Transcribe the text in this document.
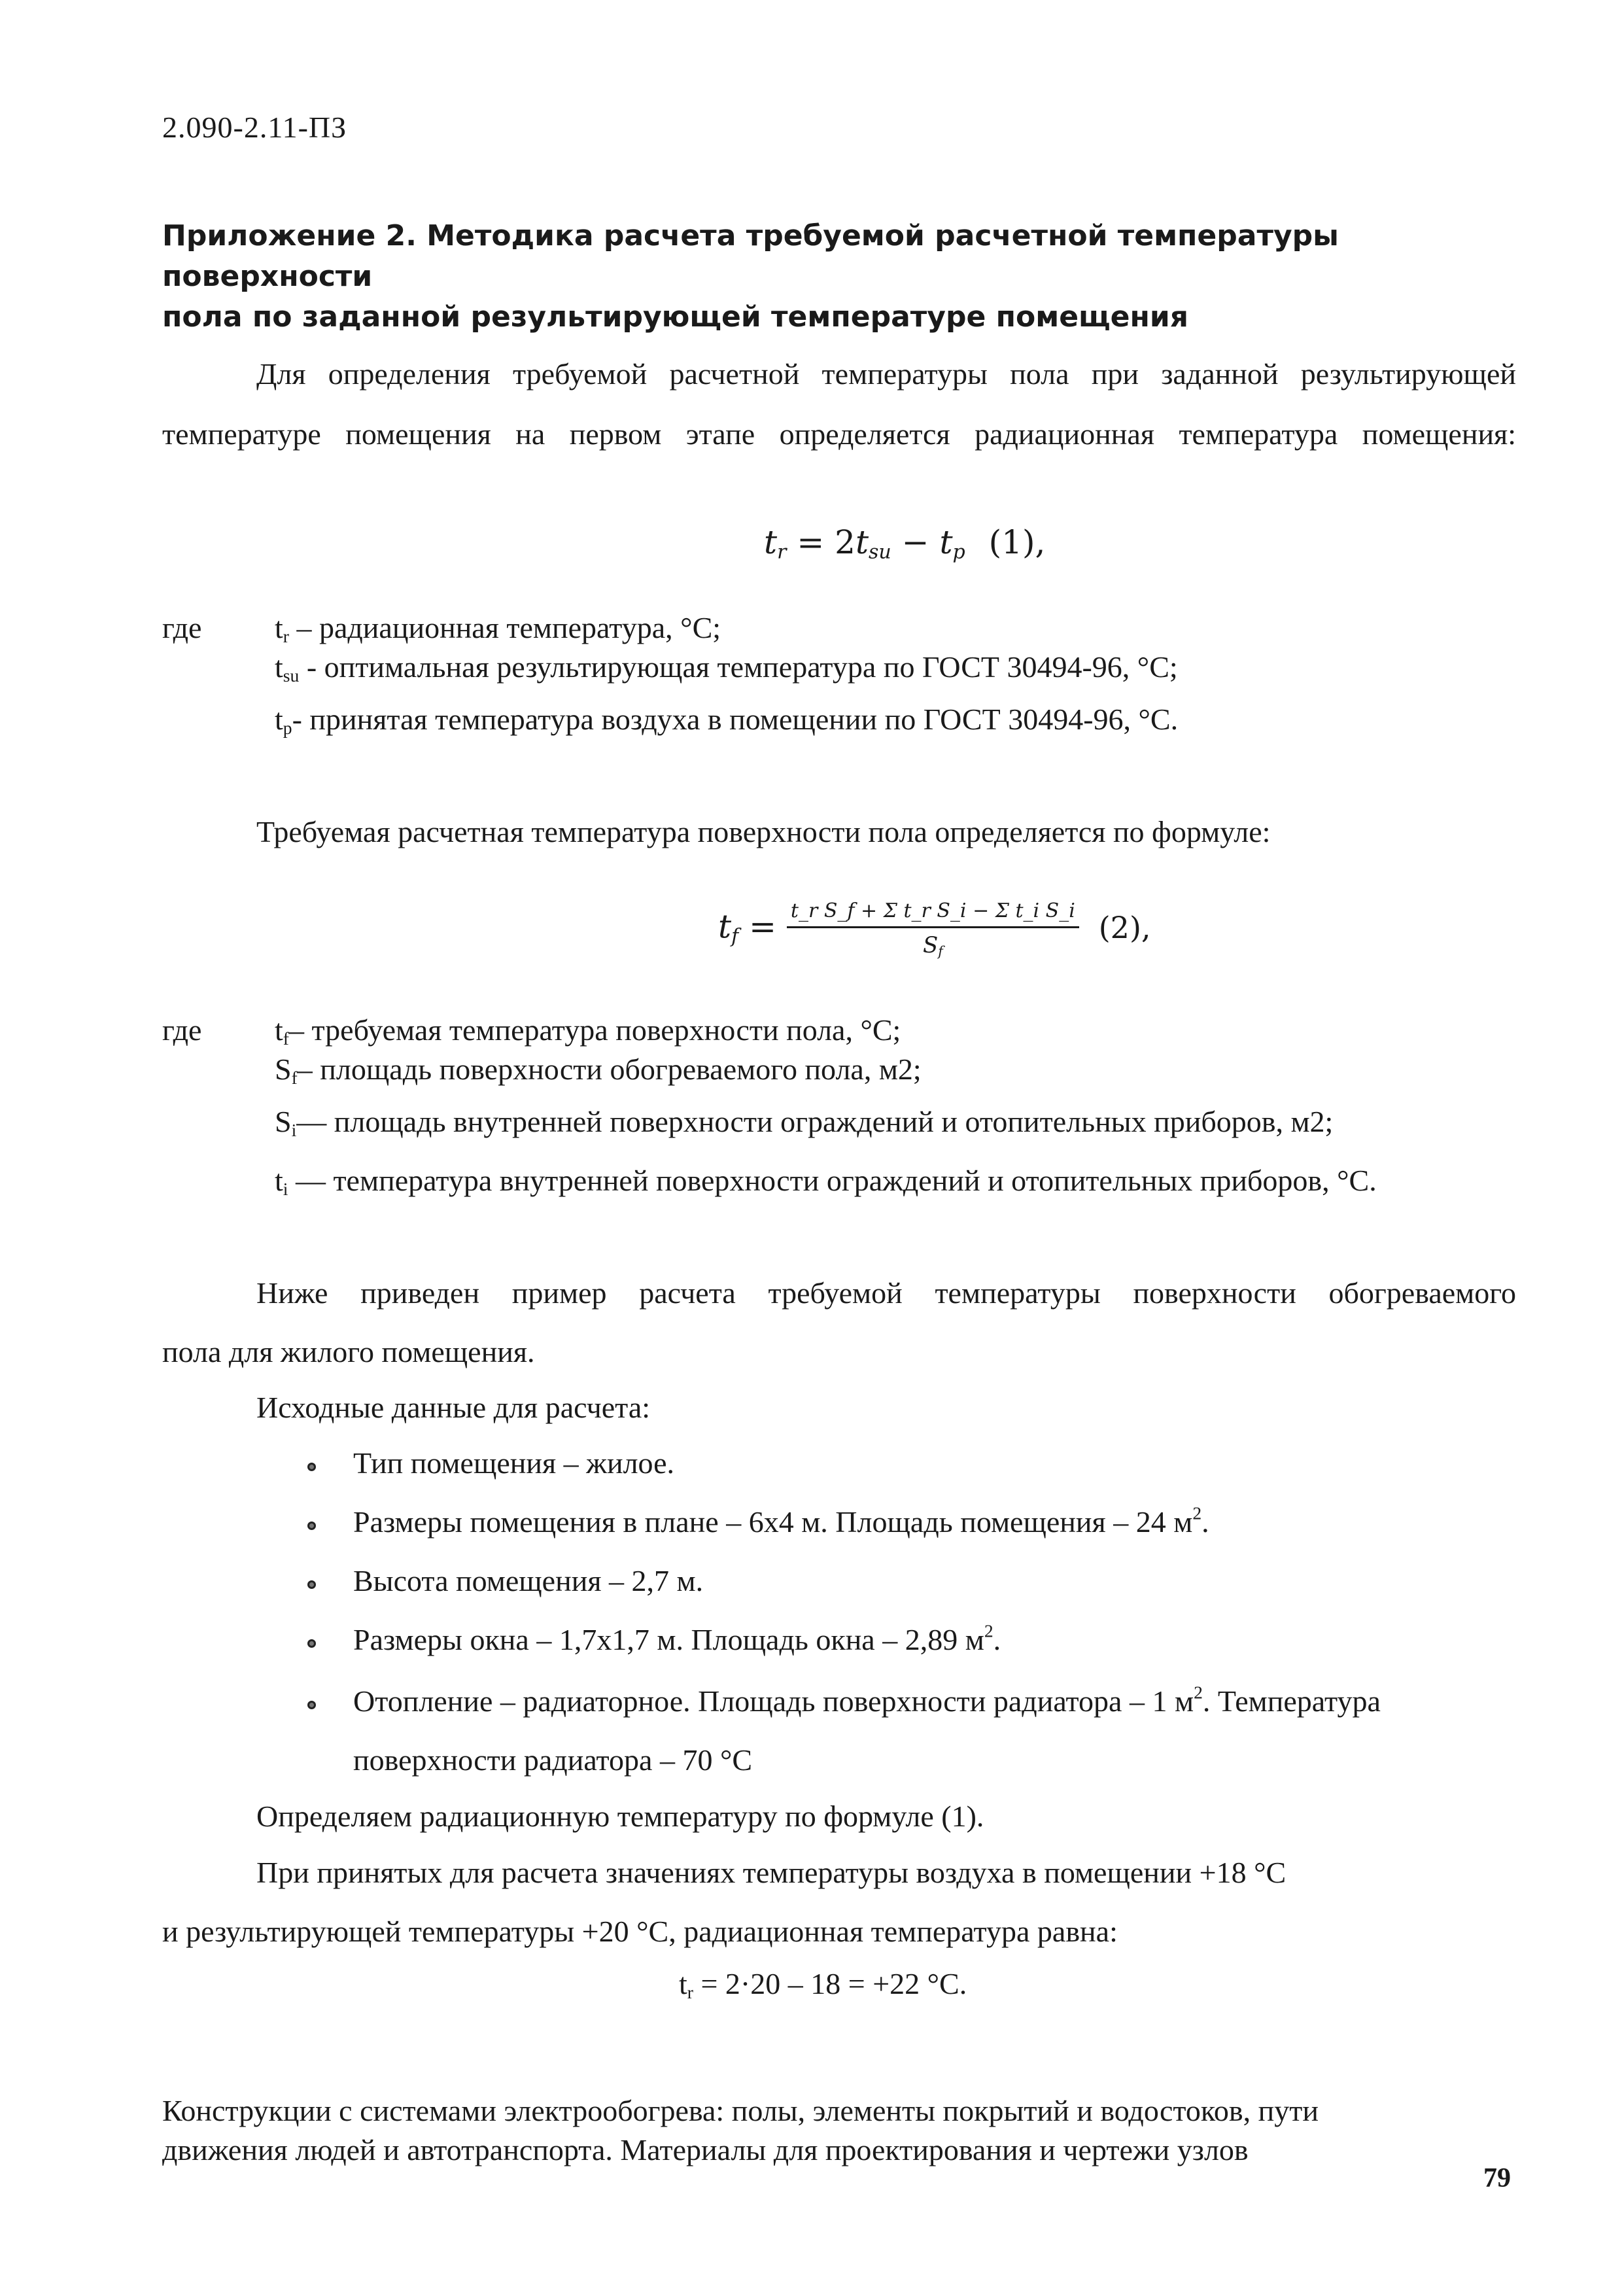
2.090-2.11-ПЗ
Приложение 2. Методика расчета требуемой расчетной температуры поверхности
пола по заданной результирующей температуре помещения
Для определения требуемой расчетной температуры пола при заданной результирующей
температуре помещения на первом этапе определяется радиационная температура помещения:
$t_r = 2t_{su} - t_p$ (1),
где $t_r$ – радиационная температура, °C;
$t_{su}$ - оптимальная результирующая температура по ГОСТ 30494-96, °C;
$t_p-$ принятая температура воздуха в помещении по ГОСТ 30494-96, °С.
Требуемая расчетная температура поверхности пола определяется по формуле:
$t_f = \frac{\text{t\_r S\_f + Σ t\_r S\_i − Σ t\_i S\_i}}{S_f} (2)$,
где $t_f-$ требуемая температура поверхности пола, °С;
$S_f-$ площадь поверхности обогреваемого пола, м2;
$S_i—$ площадь внутренней поверхности ограждений и отопительных приборов, м2;
$t_i$ — температура внутренней поверхности ограждений и отопительных приборов, °С.
Ниже приведен пример расчета требуемой температуры поверхности обогреваемого
пола для жилого помещения.
Исходные данные для расчета:
Тип помещения – жилое.
Размеры помещения в плане – 6х4 м. Площадь помещения – 24 $м^2$.
Высота помещения – 2,7 м.
Размеры окна – 1,7х1,7 м. Площадь окна – 2,89 $м^2$.
Отопление – радиаторное. Площадь поверхности радиатора – 1 $м^2$. Температура
поверхности радиатора – 70 °С
Определяем радиационную температуру по формуле (1).
При принятых для расчета значениях температуры воздуха в помещении +18 °С
и результирующей температуры +20 °С, радиационная температура равна:
$t_r = 2\cdot 20 - 18 = +22$ °С.
Конструкции с системами электрообогрева: полы, элементы покрытий и водостоков, пути
движения людей и автотранспорта. Материалы для проектирования и чертежи узлов
79
